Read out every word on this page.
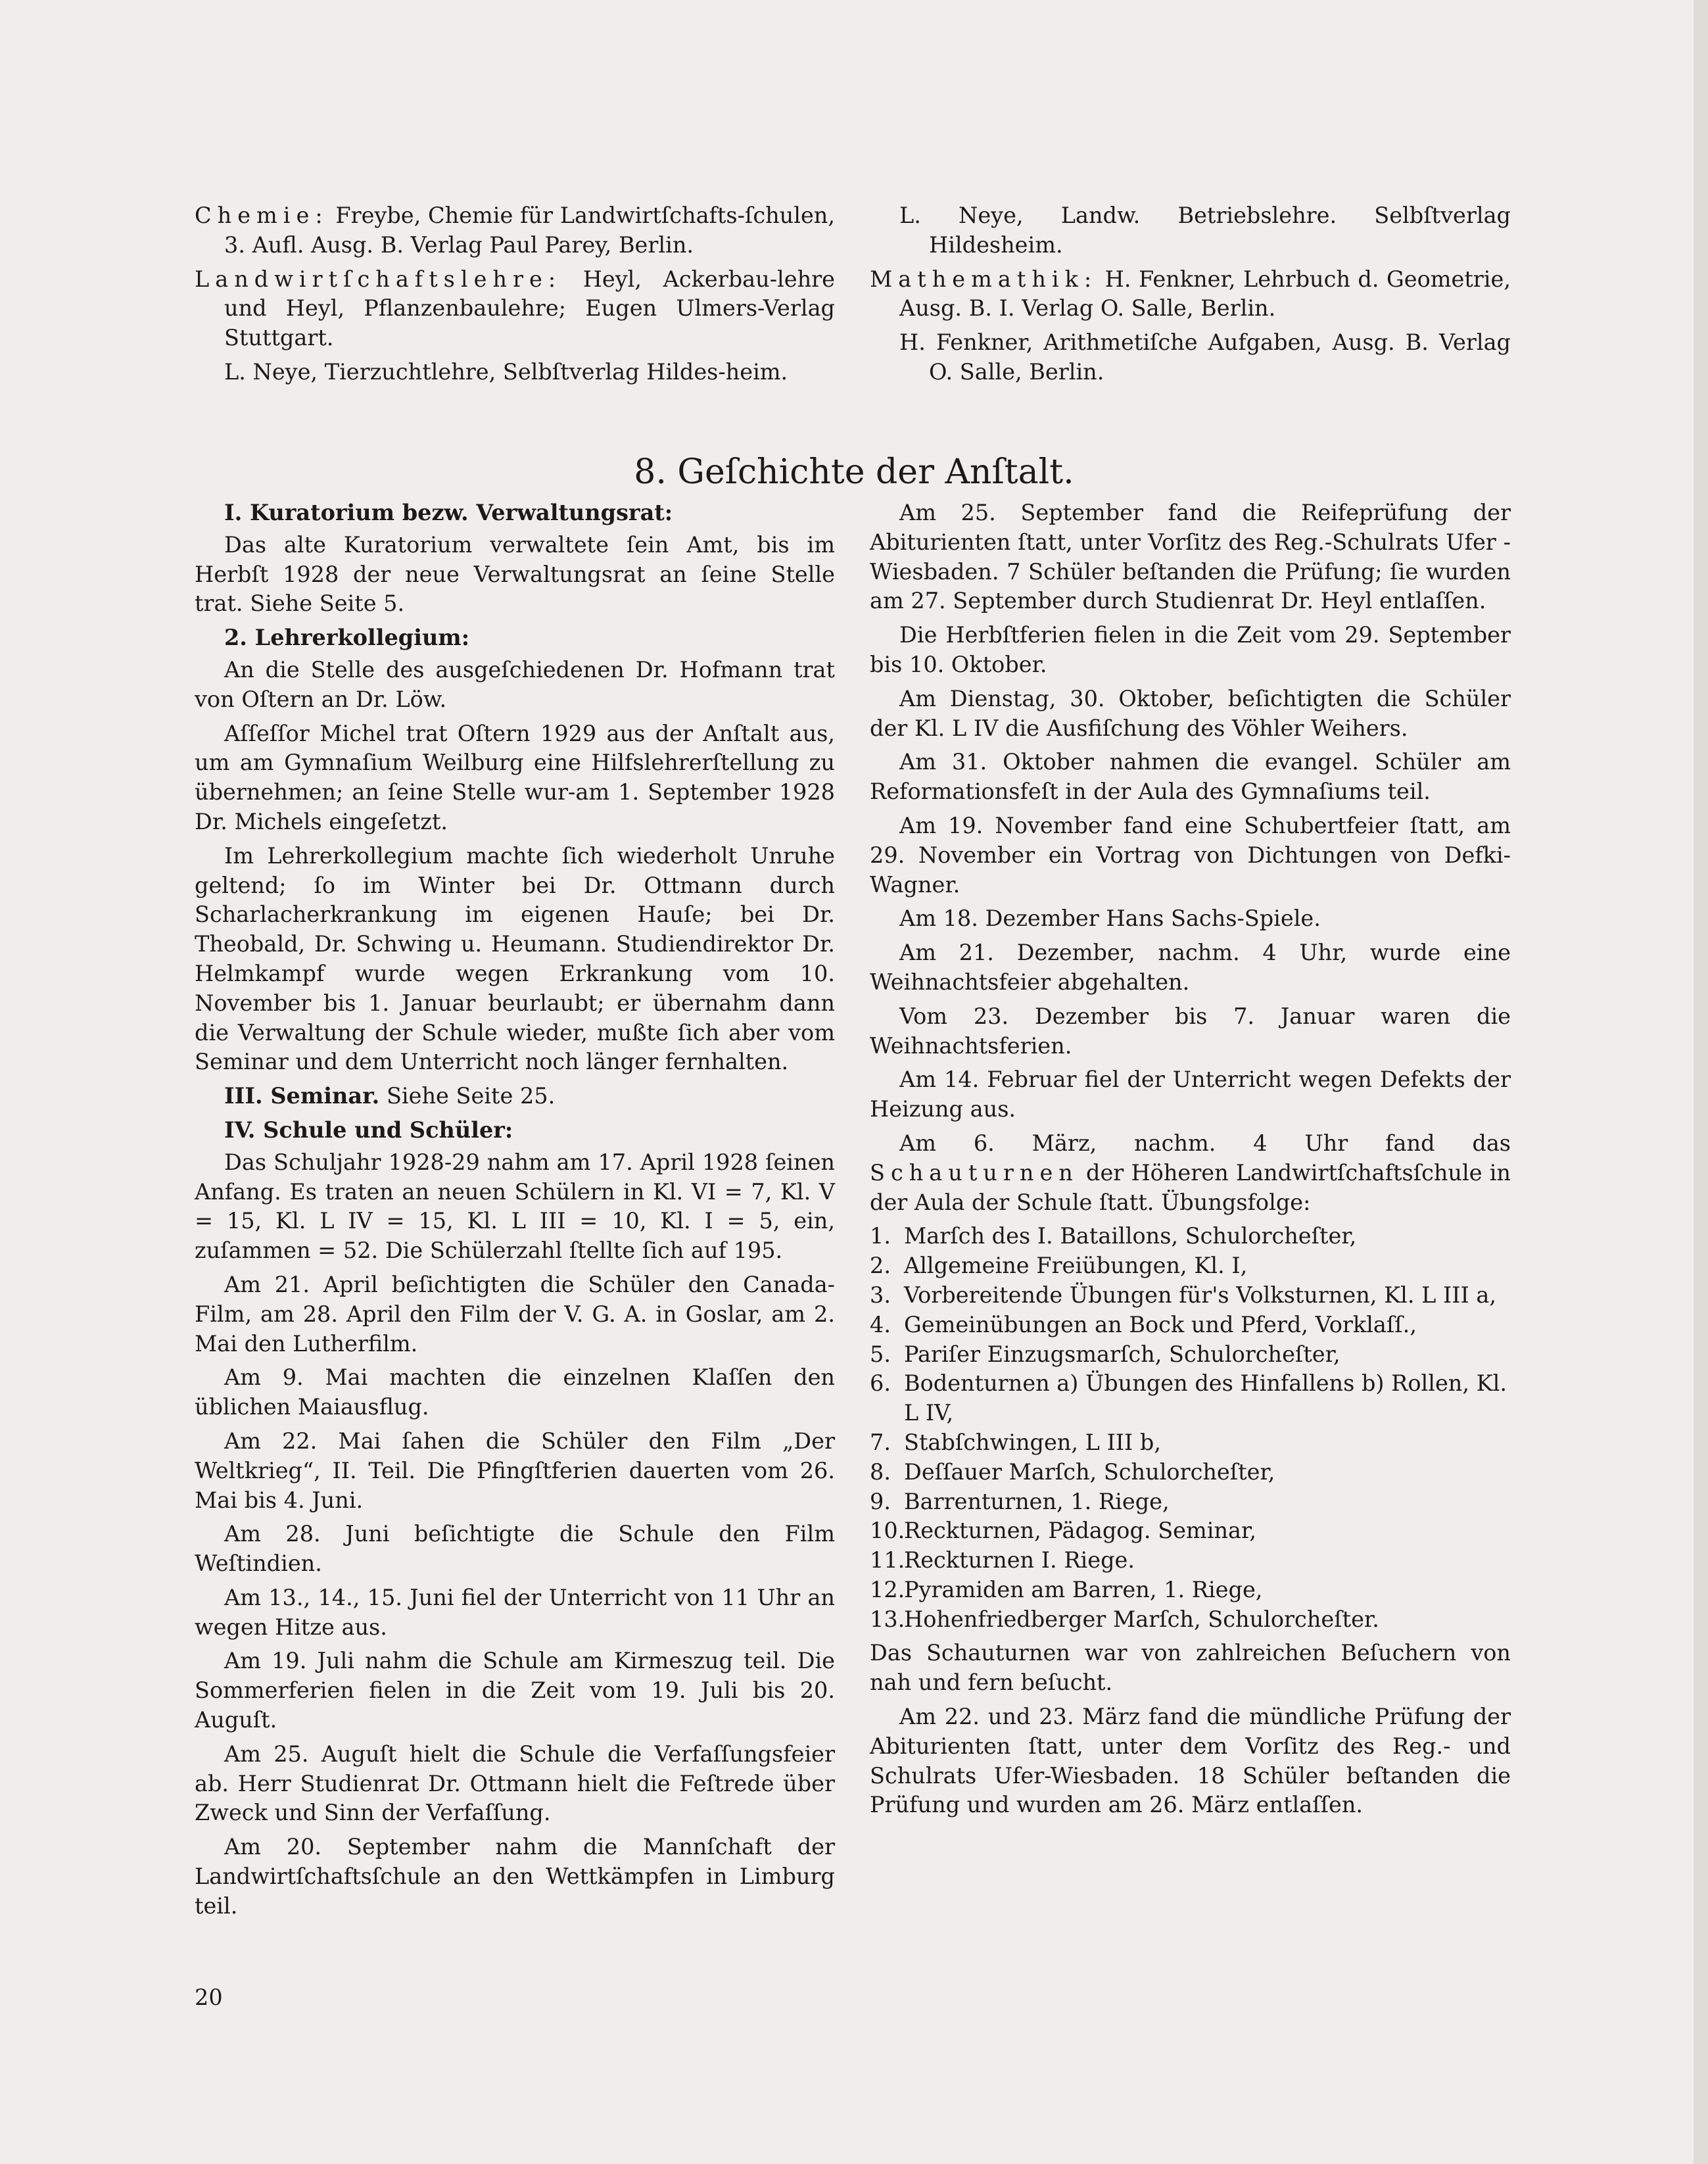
Chemie: Freybe, Chemie für Landwirtſchafts-ſchulen, 3. Aufl. Ausg. B. Verlag Paul Parey, Berlin.

Landwirtſchaftslehre: Heyl, Ackerbau-lehre und Heyl, Pflanzenbaulehre; Eugen Ulmers-Verlag Stuttgart.

L. Neye, Tierzuchtlehre, Selbſtverlag Hildes-heim.

L. Neye, Landw. Betriebslehre. Selbſtverlag Hildesheim.

Mathemathik: H. Fenkner, Lehrbuch d. Geometrie, Ausg. B. I. Verlag O. Salle, Berlin.

H. Fenkner, Arithmetiſche Aufgaben, Ausg. B. Verlag O. Salle, Berlin.

8. Geſchichte der Anſtalt.
I. Kuratorium bezw. Verwaltungsrat:

Das alte Kuratorium verwaltete ſein Amt, bis im Herbſt 1928 der neue Verwaltungsrat an ſeine Stelle trat. Siehe Seite 5.

2. Lehrerkollegium:

An die Stelle des ausgeſchiedenen Dr. Hofmann trat von Oſtern an Dr. Löw.

Aſſeſſor Michel trat Oſtern 1929 aus der Anſtalt aus, um am Gymnaſium Weilburg eine Hilfslehrerſtellung zu übernehmen; an ſeine Stelle wur-am 1. September 1928 Dr. Michels eingeſetzt.

Im Lehrerkollegium machte ſich wiederholt Unruhe geltend; ſo im Winter bei Dr. Ottmann durch Scharlacherkrankung im eigenen Hauſe; bei Dr. Theobald, Dr. Schwing u. Heumann. Studiendirektor Dr. Helmkampf wurde wegen Erkrankung vom 10. November bis 1. Januar beurlaubt; er übernahm dann die Verwaltung der Schule wieder, mußte ſich aber vom Seminar und dem Unterricht noch länger fernhalten.

III. Seminar. Siehe Seite 25.

IV. Schule und Schüler:

Das Schuljahr 1928-29 nahm am 17. April 1928 ſeinen Anfang. Es traten an neuen Schülern in Kl. VI = 7, Kl. V = 15, Kl. L IV = 15, Kl. L III = 10, Kl. I = 5, ein, zuſammen = 52. Die Schülerzahl ſtellte ſich auf 195.

Am 21. April beſichtigten die Schüler den Canada-Film, am 28. April den Film der V. G. A. in Goslar, am 2. Mai den Lutherfilm.

Am 9. Mai machten die einzelnen Klaſſen den üblichen Maiausflug.

Am 22. Mai ſahen die Schüler den Film „Der Weltkrieg“, II. Teil. Die Pfingſtferien dauerten vom 26. Mai bis 4. Juni.

Am 28. Juni beſichtigte die Schule den Film Weſtindien.

Am 13., 14., 15. Juni fiel der Unterricht von 11 Uhr an wegen Hitze aus.

Am 19. Juli nahm die Schule am Kirmeszug teil. Die Sommerferien fielen in die Zeit vom 19. Juli bis 20. Auguſt.

Am 25. Auguſt hielt die Schule die Verfaſſungsfeier ab. Herr Studienrat Dr. Ottmann hielt die Feſtrede über Zweck und Sinn der Verfaſſung.

Am 20. September nahm die Mannſchaft der Landwirtſchaftsſchule an den Wettkämpfen in Limburg teil.

Am 25. September fand die Reifeprüfung der Abiturienten ſtatt, unter Vorſitz des Reg.-Schulrats Ufer - Wiesbaden. 7 Schüler beſtanden die Prüfung; ſie wurden am 27. September durch Studienrat Dr. Heyl entlaſſen.

Die Herbſtferien fielen in die Zeit vom 29. September bis 10. Oktober.

Am Dienstag, 30. Oktober, beſichtigten die Schüler der Kl. L IV die Ausfiſchung des Vöhler Weihers.

Am 31. Oktober nahmen die evangel. Schüler am Reformationsfeſt in der Aula des Gymnaſiums teil.

Am 19. November fand eine Schubertfeier ſtatt, am 29. November ein Vortrag von Dichtungen von Defki-Wagner.

Am 18. Dezember Hans Sachs-Spiele.

Am 21. Dezember, nachm. 4 Uhr, wurde eine Weihnachtsfeier abgehalten.

Vom 23. Dezember bis 7. Januar waren die Weihnachtsferien.

Am 14. Februar fiel der Unterricht wegen Defekts der Heizung aus.

Am 6. März, nachm. 4 Uhr fand das Schauturnen der Höheren Landwirtſchaftsſchule in der Aula der Schule ſtatt. Übungsfolge:

1. Marſch des I. Bataillons, Schulorcheſter,
2. Allgemeine Freiübungen, Kl. I,
3. Vorbereitende Übungen für's Volksturnen, Kl. L III a,
4. Gemeinübungen an Bock und Pferd, Vorklaſſ.,
5. Pariſer Einzugsmarſch, Schulorcheſter,
6. Bodenturnen a) Übungen des Hinfallens b) Rollen, Kl. L IV,
7. Stabſchwingen, L III b,
8. Deſſauer Marſch, Schulorcheſter,
9. Barrenturnen, 1. Riege,
10.
Reckturnen, Pädagog. Seminar,
11.
Reckturnen I. Riege.
12.
Pyramiden am Barren, 1. Riege,
13.
Hohenfriedberger Marſch, Schulorcheſter.

Das Schauturnen war von zahlreichen Beſuchern von nah und fern beſucht.

Am 22. und 23. März fand die mündliche Prüfung der Abiturienten ſtatt, unter dem Vorſitz des Reg.- und Schulrats Ufer-Wiesbaden. 18 Schüler beſtanden die Prüfung und wurden am 26. März entlaſſen.

20
